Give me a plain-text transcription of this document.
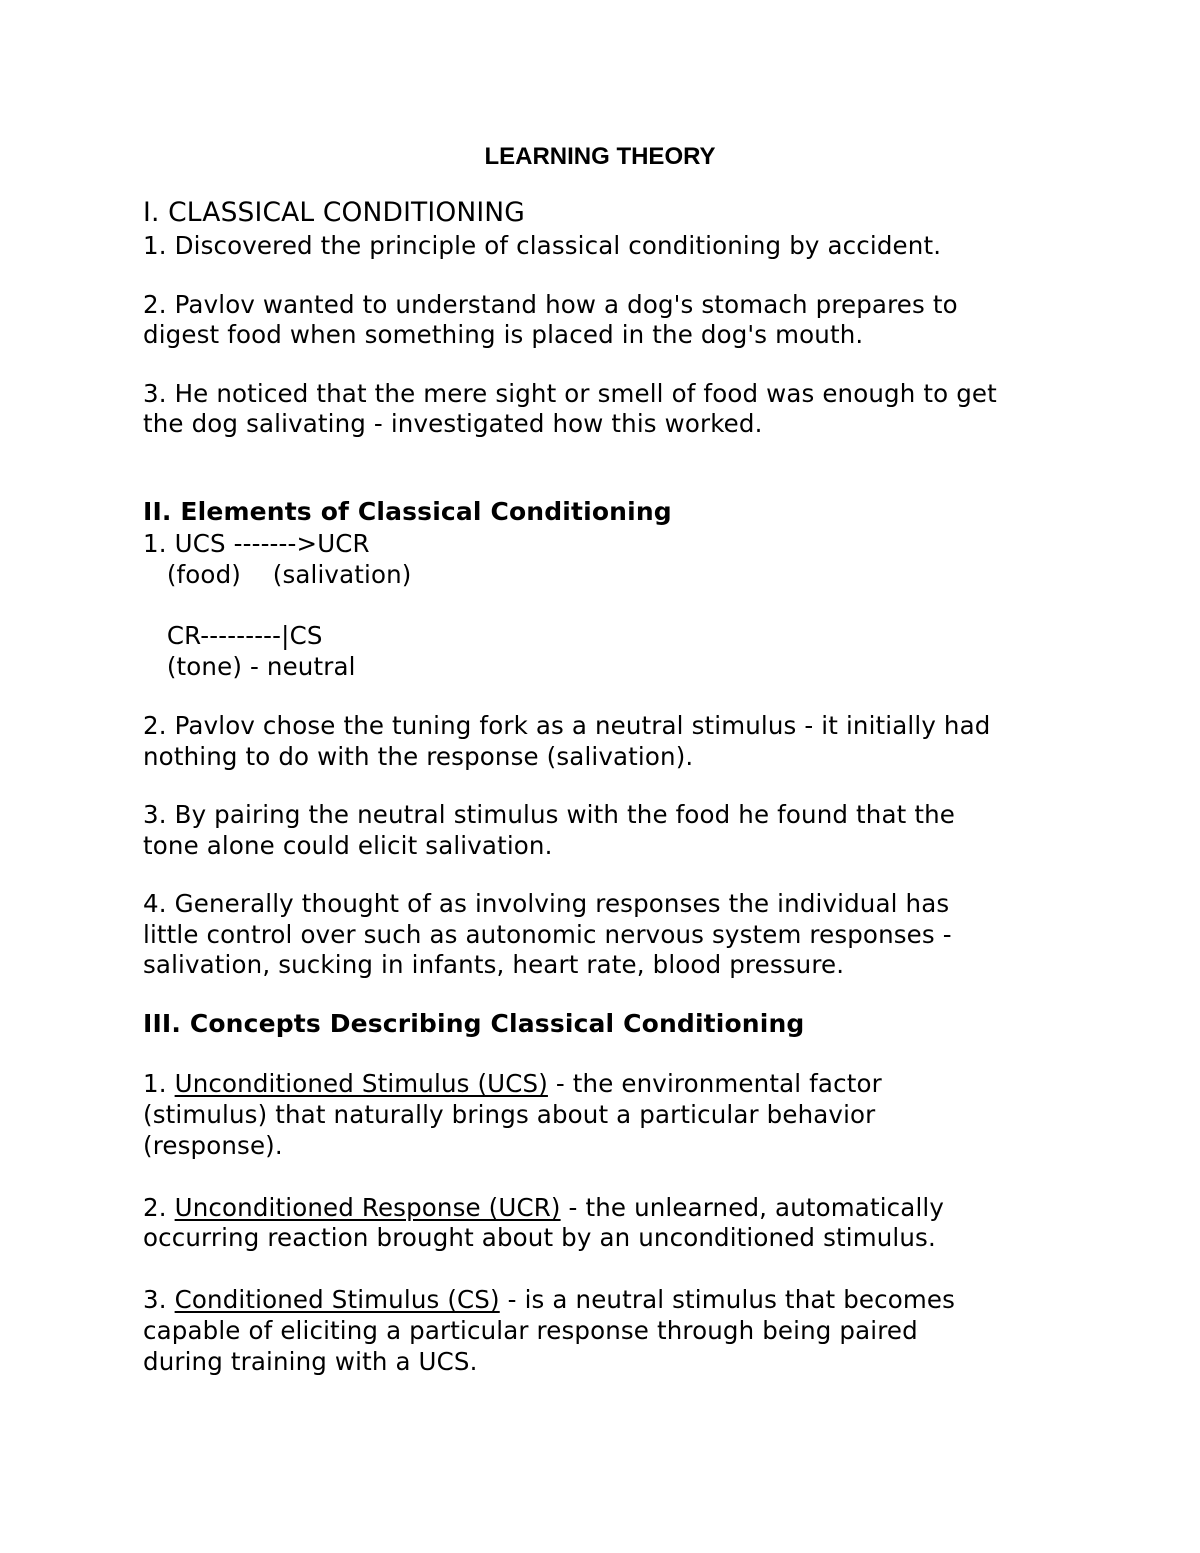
LEARNING THEORY

I. CLASSICAL CONDITIONING

1. Discovered the principle of classical conditioning by accident.

2. Pavlov wanted to understand how a dog's stomach prepares to

digest food when something is placed in the dog's mouth.

3. He noticed that the mere sight or smell of food was enough to get

the dog salivating - investigated how this worked.

II. Elements of Classical Conditioning

1. UCS ------->UCR

(food)    (salivation)

CR---------|CS

(tone) - neutral

2. Pavlov chose the tuning fork as a neutral stimulus - it initially had

nothing to do with the response (salivation).

3. By pairing the neutral stimulus with the food he found that the

tone alone could elicit salivation.

4. Generally thought of as involving responses the individual has

little control over such as autonomic nervous system responses -

salivation, sucking in infants, heart rate, blood pressure.

III. Concepts Describing Classical Conditioning

1. Unconditioned Stimulus (UCS) - the environmental factor

(stimulus) that naturally brings about a particular behavior

(response).

2. Unconditioned Response (UCR) - the unlearned, automatically

occurring reaction brought about by an unconditioned stimulus.

3. Conditioned Stimulus (CS) - is a neutral stimulus that becomes

capable of eliciting a particular response through being paired

during training with a UCS.
